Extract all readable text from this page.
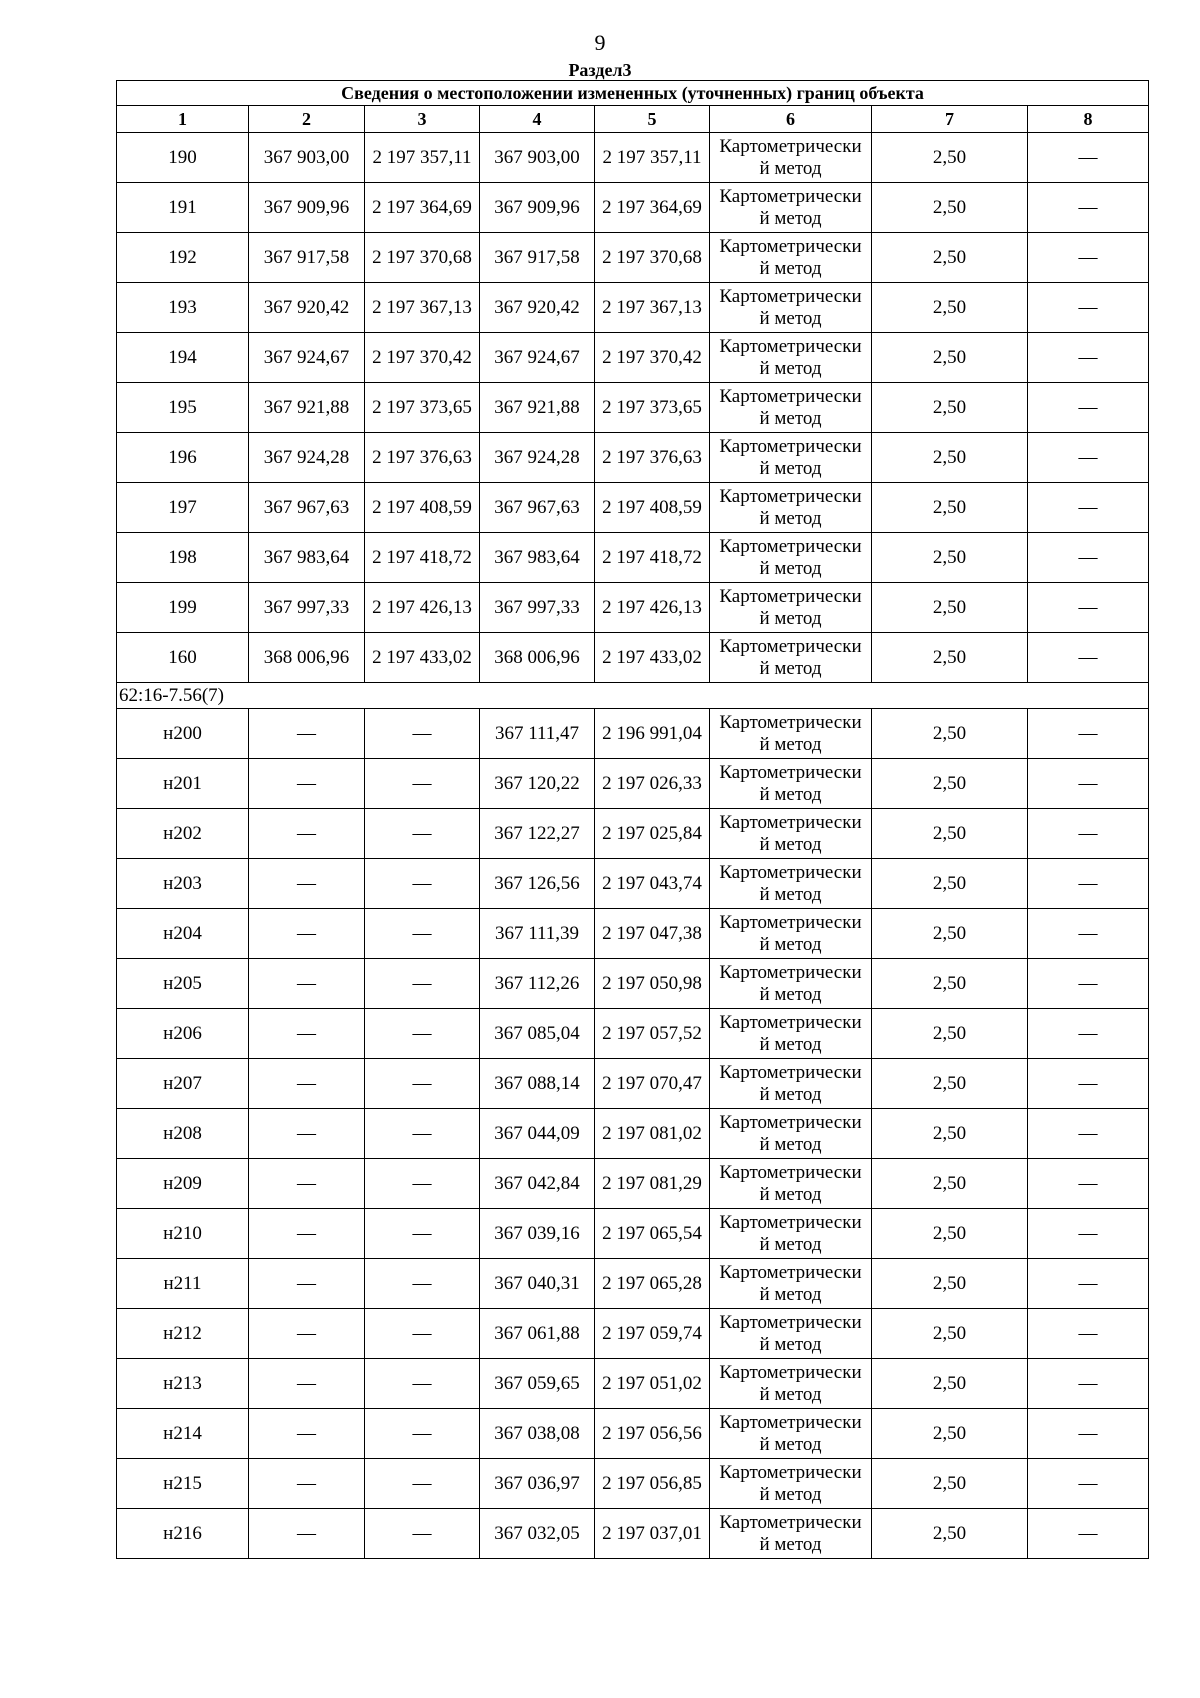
9
Раздел3
Сведения о местоположении измененных (уточненных) границ объекта							
1	2	3	4	5	6	7	8
190	367 903,00	2 197 357,11	367 903,00	2 197 357,11	Картометрически
й метод	2,50	—
191	367 909,96	2 197 364,69	367 909,96	2 197 364,69	Картометрически
й метод	2,50	—
192	367 917,58	2 197 370,68	367 917,58	2 197 370,68	Картометрически
й метод	2,50	—
193	367 920,42	2 197 367,13	367 920,42	2 197 367,13	Картометрически
й метод	2,50	—
194	367 924,67	2 197 370,42	367 924,67	2 197 370,42	Картометрически
й метод	2,50	—
195	367 921,88	2 197 373,65	367 921,88	2 197 373,65	Картометрически
й метод	2,50	—
196	367 924,28	2 197 376,63	367 924,28	2 197 376,63	Картометрически
й метод	2,50	—
197	367 967,63	2 197 408,59	367 967,63	2 197 408,59	Картометрически
й метод	2,50	—
198	367 983,64	2 197 418,72	367 983,64	2 197 418,72	Картометрически
й метод	2,50	—
199	367 997,33	2 197 426,13	367 997,33	2 197 426,13	Картометрически
й метод	2,50	—
160	368 006,96	2 197 433,02	368 006,96	2 197 433,02	Картометрически
й метод	2,50	—
62:16-7.56(7)							
н200	—	—	367 111,47	2 196 991,04	Картометрически
й метод	2,50	—
н201	—	—	367 120,22	2 197 026,33	Картометрически
й метод	2,50	—
н202	—	—	367 122,27	2 197 025,84	Картометрически
й метод	2,50	—
н203	—	—	367 126,56	2 197 043,74	Картометрически
й метод	2,50	—
н204	—	—	367 111,39	2 197 047,38	Картометрически
й метод	2,50	—
н205	—	—	367 112,26	2 197 050,98	Картометрически
й метод	2,50	—
н206	—	—	367 085,04	2 197 057,52	Картометрически
й метод	2,50	—
н207	—	—	367 088,14	2 197 070,47	Картометрически
й метод	2,50	—
н208	—	—	367 044,09	2 197 081,02	Картометрически
й метод	2,50	—
н209	—	—	367 042,84	2 197 081,29	Картометрически
й метод	2,50	—
н210	—	—	367 039,16	2 197 065,54	Картометрически
й метод	2,50	—
н211	—	—	367 040,31	2 197 065,28	Картометрически
й метод	2,50	—
н212	—	—	367 061,88	2 197 059,74	Картометрически
й метод	2,50	—
н213	—	—	367 059,65	2 197 051,02	Картометрически
й метод	2,50	—
н214	—	—	367 038,08	2 197 056,56	Картометрически
й метод	2,50	—
н215	—	—	367 036,97	2 197 056,85	Картометрически
й метод	2,50	—
н216	—	—	367 032,05	2 197 037,01	Картометрически
й метод	2,50	—
